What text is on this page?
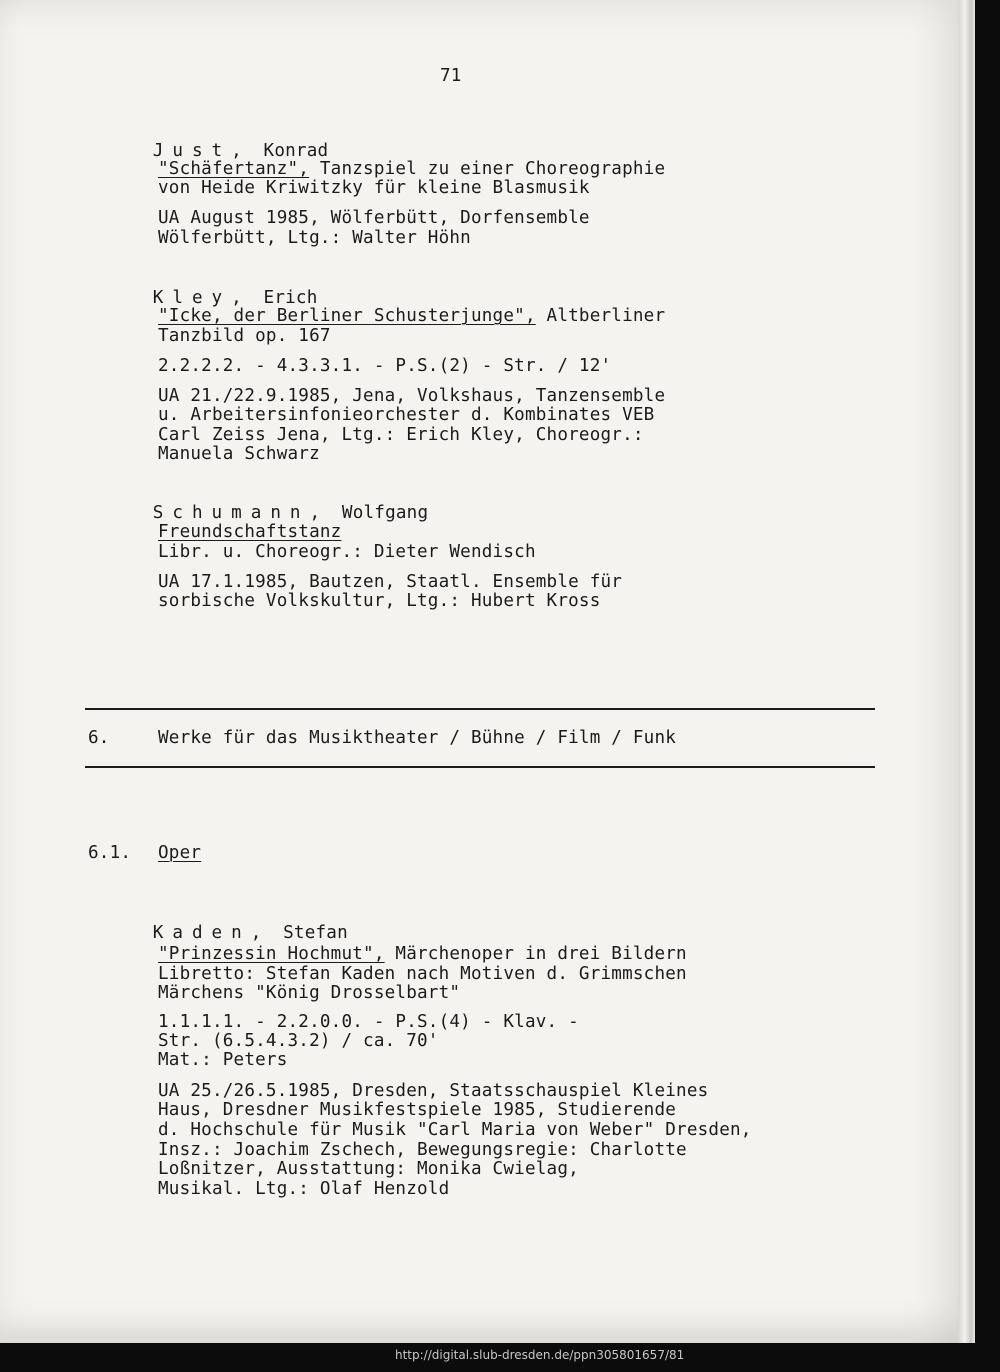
71

Just,  Konrad

"Schäfertanz", Tanzspiel zu einer Choreographie
von Heide Kriwitzky für kleine Blasmusik
UA August 1985, Wölferbütt, Dorfensemble
Wölferbütt, Ltg.: Walter Höhn

Kley,  Erich

"Icke, der Berliner Schusterjunge", Altberliner
Tanzbild op. 167
2.2.2.2. - 4.3.3.1. - P.S.(2) - Str. / 12'
UA 21./22.9.1985, Jena, Volkshaus, Tanzensemble
u. Arbeitersinfonieorchester d. Kombinates VEB
Carl Zeiss Jena, Ltg.: Erich Kley, Choreogr.:
Manuela Schwarz

Schumann,  Wolfgang

Freundschaftstanz
Libr. u. Choreogr.: Dieter Wendisch
UA 17.1.1985, Bautzen, Staatl. Ensemble für
sorbische Volkskultur, Ltg.: Hubert Kross
6.	Werke für das Musiktheater / Bühne / Film / Funk
6.1. Oper

Kaden,  Stefan

"Prinzessin Hochmut", Märchenoper in drei Bildern
Libretto: Stefan Kaden nach Motiven d. Grimmschen
Märchens "König Drosselbart"
1.1.1.1. - 2.2.0.0. - P.S.(4) - Klav. -
Str. (6.5.4.3.2) / ca. 70'
Mat.: Peters
UA 25./26.5.1985, Dresden, Staatsschauspiel Kleines
Haus, Dresdner Musikfestspiele 1985, Studierende
d. Hochschule für Musik "Carl Maria von Weber" Dresden,
Insz.: Joachim Zschech, Bewegungsregie: Charlotte
Loßnitzer, Ausstattung: Monika Cwielag,
Musikal. Ltg.: Olaf Henzold
http://digital.slub-dresden.de/ppn305801657/81
